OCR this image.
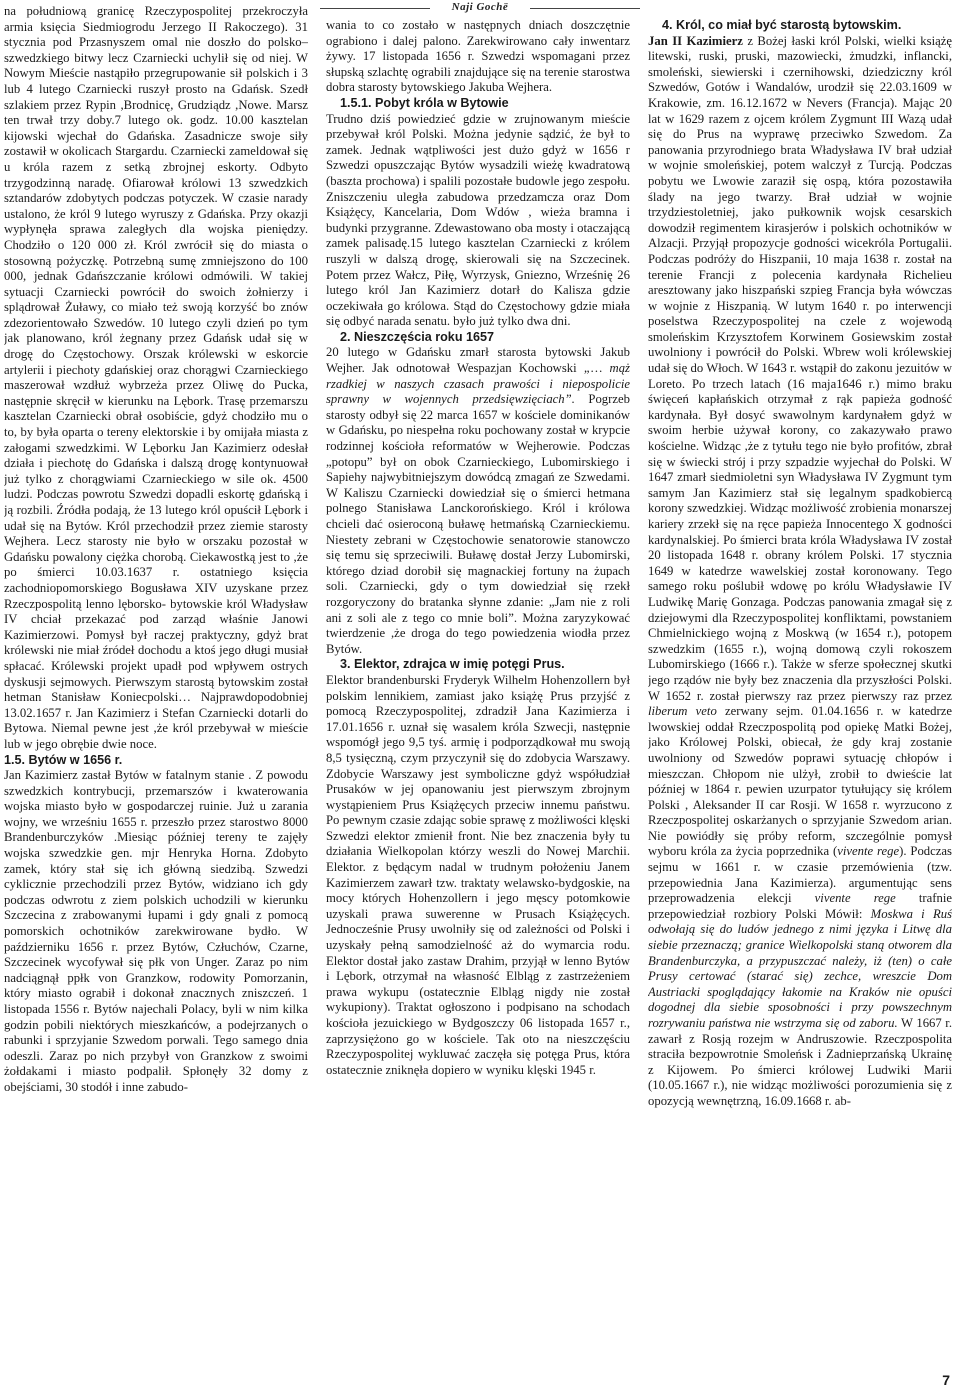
Naji Gochë

na południową granicę Rzeczypospolitej przekroczyła armia księcia Siedmiogrodu Jerzego II Rakoczego). 31 stycznia pod Przasnyszem omal nie doszło do polsko–szwedzkiego bitwy lecz Czarniecki uchylił się od niej. W Nowym Mieście nastąpiło przegrupowanie sił polskich i 3 lub 4 lutego Czarniecki ruszył prosto na Gdańsk. Szedł szlakiem przez Rypin ,Brodnicę, Grudziądz ,Nowe. Marsz ten trwał trzy doby.7 lutego ok. godz. 10.00 kasztelan kijowski wjechał do Gdańska. Zasadnicze swoje siły zostawił w okolicach Stargardu. Czarniecki zameldował się u króla razem z setką zbrojnej eskorty. Odbyto trzygodzinną naradę. Ofiarował królowi 13 szwedzkich sztandarów zdobytych podczas potyczek. W czasie narady ustalono, że król 9 lutego wyruszy z Gdańska. Przy okazji wypłynęła sprawa zaległych dla wojska pieniędzy. Chodziło o 120 000 zł. Król zwrócił się do miasta o stosowną pożyczkę. Potrzebną sumę zmniejszono do 100 000, jednak Gdańszczanie królowi odmówili. W takiej sytuacji Czarniecki powrócił do swoich żołnierzy i splądrował Żuławy, co miało też swoją korzyść bo znów zdezorientowało Szwedów. 10 lutego czyli dzień po tym jak planowano, król żegnany przez Gdańsk udał się w drogę do Częstochowy. Orszak królewski w eskorcie artylerii i piechoty gdańskiej oraz chorągwi Czarnieckiego maszerował wzdłuż wybrzeża przez Oliwę do Pucka, następnie skręcił w kierunku na Lębork. Trasę przemarszu kasztelan Czarniecki obrał osobiście, gdyż chodziło mu o to, by była oparta o tereny elektorskie i by omijała miasta z załogami szwedzkimi. W Lęborku Jan Kazimierz odesłał działa i piechotę do Gdańska i dalszą drogę kontynuował już tylko z chorągwiami Czarnieckiego w sile ok. 4500 ludzi. Podczas powrotu Szwedzi dopadli eskortę gdańską i ją rozbili. Źródła podają, że 13 lutego król opuścił Lębork i udał się na Bytów. Król przechodził przez ziemie starosty Wejhera. Lecz starosty nie było w orszaku pozostał w Gdańsku powalony ciężka chorobą. Ciekawostką jest to ,że po śmierci 10.03.1637 r. ostatniego księcia zachodniopomorskiego Bogusława XIV uzyskane przez Rzeczpospolitą lenno lęborsko- bytowskie król Władysław IV chciał przekazać pod zarząd właśnie Janowi Kazimierzowi. Pomysł był raczej praktyczny, gdyż brat królewski nie miał źródeł dochodu a ktoś jego długi musiał spłacać. Królewski projekt upadł pod wpływem ostrych dyskusji sejmowych. Pierwszym starostą bytowskim został hetman Stanisław Koniecpolski… Najprawdopodobniej 13.02.1657 r. Jan Kazimierz i Stefan Czarniecki dotarli do Bytowa. Niemal pewne jest ,że król przebywał w mieście lub w jego obrębie dwie noce.

1.5. Bytów w 1656 r.

Jan Kazimierz zastał Bytów w fatalnym stanie . Z powodu szwedzkich kontrybucji, przemarszów i kwaterowania wojska miasto było w gospodarczej ruinie. Już u zarania wojny, we wrześniu 1655 r. przeszło przez starostwo 8000 Brandenburczyków .Miesiąc później tereny te zajęły wojska szwedzkie gen. mjr Henryka Horna. Zdobyto zamek, który stał się ich główną siedzibą. Szwedzi cyklicznie przechodzili przez Bytów, widziano ich gdy podczas odwrotu z ziem polskich uchodzili w kierunku Szczecina z zrabowanymi łupami i gdy gnali z pomocą pomorskich ochotników zarekwirowane bydło. W październiku 1656 r. przez Bytów, Człuchów, Czarne, Szczecinek wycofywał się płk von Unger. Zaraz po nim nadciągnął ppłk von Granzkow, rodowity Pomorzanin, który miasto ograbił i dokonał znacznych zniszczeń. 1 listopada 1556 r. Bytów najechali Polacy, byli w nim kilka godzin pobili niektórych mieszkańców, a podejrzanych o rabunki i sprzyjanie Szwedom porwali. Tego samego dnia odeszli. Zaraz po nich przybył von Granzkow z swoimi żołdakami i miasto podpalił. Spłonęły 32 domy z obejściami, 30 stodół i inne zabudo-

wania to co zostało w następnych dniach doszczętnie ograbiono i dalej palono. Zarekwirowano cały inwentarz żywy. 17 listopada 1656 r. Szwedzi wspomagani przez słupską szlachtę ograbili znajdujące się na terenie starostwa dobra starosty bytowskiego Jakuba Wejhera.

1.5.1. Pobyt króla w Bytowie

Trudno dziś powiedzieć gdzie w zrujnowanym mieście przebywał król Polski. Można jedynie sądzić, że był to zamek. Jednak wątpliwości jest dużo gdyż w 1656 r Szwedzi opuszczając Bytów wysadzili wieżę kwadratową (baszta prochowa) i spalili pozostałe budowle jego zespołu. Zniszczeniu uległa zabudowa przedzamcza oraz Dom Książęcy, Kancelaria, Dom Wdów , wieża bramna i budynki przygranne. Zdewastowano oba mosty i otaczającą zamek palisadę.15 lutego kasztelan Czarniecki z królem ruszyli w dalszą drogę, skierowali się na Szczecinek. Potem przez Wałcz, Piłę, Wyrzysk, Gniezno, Wrześnię 26 lutego król Jan Kazimierz dotarł do Kalisza gdzie oczekiwała go królowa. Stąd do Częstochowy gdzie miała się odbyć narada senatu. było już tylko dwa dni.

2. Nieszczęścia roku 1657

20 lutego w Gdańsku zmarł starosta bytowski Jakub Wejher. Jak odnotował Wespazjan Kochowski „… mąż rzadkiej w naszych czasach prawości i niepospolicie sprawny w wojennych przedsięwzięciach”. Pogrzeb starosty odbył się 22 marca 1657 w kościele dominikanów w Gdańsku, po niespełna roku pochowany został w krypcie rodzinnej kościoła reformatów w Wejherowie. Podczas „potopu” był on obok Czarnieckiego, Lubomirskiego i Sapiehy najwybitniejszym dowódcą zmagań ze Szwedami. W Kaliszu Czarniecki dowiedział się o śmierci hetmana polnego Stanisława Lanckorońskiego. Król i królowa chcieli dać osieroconą buławę hetmańską Czarnieckiemu. Niestety zebrani w Częstochowie senatorowie stanowczo się temu się sprzeciwili. Buławę dostał Jerzy Lubomirski, którego dziad dorobił się magnackiej fortuny na żupach soli. Czarniecki, gdy o tym dowiedział się rzekł rozgoryczony do bratanka słynne zdanie: „Jam nie z roli ani z soli ale z tego co mnie boli”. Można zaryzykować twierdzenie ,że droga do tego powiedzenia wiodła przez Bytów.

3. Elektor, zdrajca w imię potęgi Prus.

Elektor brandenburski Fryderyk Wilhelm Hohenzollern był polskim lennikiem, zamiast jako książę Prus przyjść z pomocą Rzeczypospolitej, zdradził Jana Kazimierza i 17.01.1656 r. uznał się wasalem króla Szwecji, następnie wspomógł jego 9,5 tyś. armię i podporządkował mu swoją 8,5 tysięczną, czym przyczynił się do zdobycia Warszawy. Zdobycie Warszawy jest symboliczne gdyż współudział Prusaków w jej opanowaniu jest pierwszym zbrojnym wystąpieniem Prus Książęcych przeciw innemu państwu. Po pewnym czasie zdając sobie sprawę z możliwości klęski Szwedzi elektor zmienił front. Nie bez znaczenia były tu działania Wielkopolan którzy weszli do Nowej Marchii. Elektor. z będącym nadal w trudnym położeniu Janem Kazimierzem zawarł tzw. traktaty welawsko-bydgoskie, na mocy których Hohenzollern i jego męscy potomkowie uzyskali prawa suwerenne w Prusach Książęcych. Jednocześnie Prusy uwolniły się od zależności od Polski i uzyskały pełną samodzielność aż do wymarcia rodu. Elektor dostał jako zastaw Drahim, przyjął w lenno Bytów i Lębork, otrzymał na własność Elbląg z zastrzeżeniem prawa wykupu (ostatecznie Elbląg nigdy nie został wykupiony). Traktat ogłoszono i podpisano na schodach kościoła jezuickiego w Bydgoszczy 06 listopada 1657 r., zaprzysiężono go w kościele. Tak oto na nieszczęściu Rzeczypospolitej wykluwać zaczęła się potęga Prus, która ostatecznie zniknęła dopiero w wyniku klęski 1945 r.

4. Król, co miał być starostą bytowskim.

Jan II Kazimierz z Bożej łaski król Polski, wielki książę litewski, ruski, pruski, mazowiecki, żmudzki, inflancki, smoleński, siewierski i czernihowski, dziedziczny król Szwedów, Gotów i Wandalów, urodził się 22.03.1609 w Krakowie, zm. 16.12.1672 w Nevers (Francja). Mając 20 lat w 1629 razem z ojcem królem Zygmunt III Wazą udał się do Prus na wyprawę przeciwko Szwedom. Za panowania przyrodniego brata Władysława IV brał udział w wojnie smoleńskiej, potem walczył z Turcją. Podczas pobytu we Lwowie zaraził się ospą, która pozostawiła ślady na jego twarzy. Brał udział w wojnie trzydziestoletniej, jako pułkownik wojsk cesarskich dowodził regimentem kirasjerów i polskich ochotników w Alzacji. Przyjął propozycje godności wicekróla Portugalii. Podczas podróży do Hiszpanii, 10 maja 1638 r. został na terenie Francji z polecenia kardynała Richelieu aresztowany jako hiszpański szpieg Francja była wówczas w wojnie z Hiszpanią. W lutym 1640 r. po interwencji poselstwa Rzeczypospolitej na czele z wojewodą smoleńskim Krzysztofem Korwinem Gosiewskim został uwolniony i powrócił do Polski. Wbrew woli królewskiej udał się do Włoch. W 1643 r. wstąpił do zakonu jezuitów w Loreto. Po trzech latach (16 maja1646 r.) mimo braku święceń kapłańskich otrzymał z rąk papieża godność kardynała. Był dosyć swawolnym kardynałem gdyż w swoim herbie używał korony, co zakazywało prawo kościelne. Widząc ,że z tytułu tego nie było profitów, zbrał się w świecki strój i przy szpadzie wyjechał do Polski. W 1647 zmarł siedmioletni syn Władysława IV Zygmunt tym samym Jan Kazimierz stał się legalnym spadkobiercą korony szwedzkiej. Widząc możliwość zrobienia monarszej kariery zrzekł się na ręce papieża Innocentego X godności kardynalskiej. Po śmierci brata króla Władysława IV został 20 listopada 1648 r. obrany królem Polski. 17 stycznia 1649 w katedrze wawelskiej został koronowany. Tego samego roku poślubił wdowę po królu Władysławie IV Ludwikę Marię Gonzaga. Podczas panowania zmagał się z dziejowymi dla Rzeczypospolitej konfliktami, powstaniem Chmielnickiego wojną z Moskwą (w 1654 r.), potopem szwedzkim (1655 r.), wojną domową czyli rokoszem Lubomirskiego (1666 r.). Także w sferze społecznej skutki jego rządów nie były bez znaczenia dla przyszłości Polski. W 1652 r. został pierwszy raz przez pierwszy raz przez liberum veto zerwany sejm. 01.04.1656 r. w katedrze lwowskiej oddał Rzeczpospolitą pod opiekę Matki Bożej, jako Królowej Polski, obiecał, że gdy kraj zostanie uwolniony od Szwedów poprawi sytuację chłopów i mieszczan. Chłopom nie ulżył, zrobił to dwieście lat później w 1864 r. pewien uzurpator tytułujący się królem Polski , Aleksander II car Rosji. W 1658 r. wyrzucono z Rzeczpospolitej oskarżanych o sprzyjanie Szwedom arian. Nie powiódły się próby reform, szczególnie pomysł wyboru króla za życia poprzednika (vivente rege). Podczas sejmu w 1661 r. w czasie przemówienia (tzw. przepowiednia Jana Kazimierza). argumentując sens przeprowadzenia elekcji vivente rege trafnie przepowiedział rozbiory Polski Mówił: Moskwa i Ruś odwołają się do ludów jednego z nimi języka i Litwę dla siebie przeznaczą; granice Wielkopolski staną otworem dla Brandenburczyka, a przypuszczać należy, iż (ten) o całe Prusy certować (starać się) zechce, wreszcie Dom Austriacki spoglądający łakomie na Kraków nie opuści dogodnej dla siebie sposobności i przy powszechnym rozrywaniu państwa nie wstrzyma się od zaboru. W 1667 r. zawarł z Rosją rozejm w Andruszowie. Rzeczpospolita straciła bezpowrotnie Smoleńsk i Zadnieprzańską Ukrainę z Kijowem. Po śmierci królowej Ludwiki Marii (10.05.1667 r.), nie widząc możliwości porozumienia się z opozycją wewnętrzną, 16.09.1668 r. ab-

7
